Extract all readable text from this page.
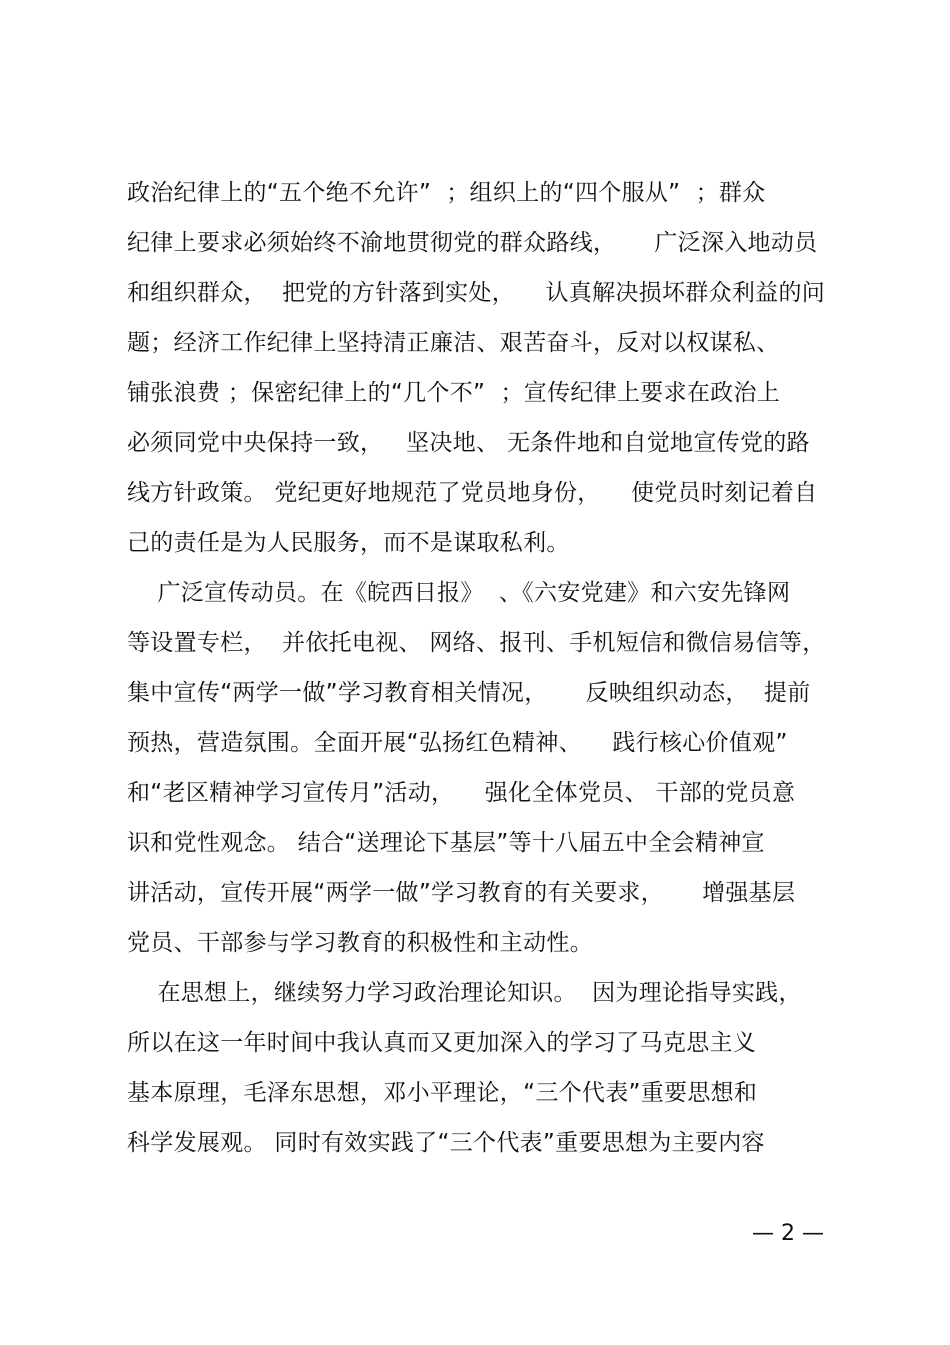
政治纪律上的“五个绝不允许”  ；组织上的“四个服从”  ；群众
纪律上要求必须始终不渝地贯彻党的群众路线，     广泛深入地动员
和组织群众，  把党的方针落到实处，    认真解决损坏群众利益的问
题；经济工作纪律上坚持清正廉洁、艰苦奋斗，反对以权谋私、
铺张浪费 ；保密纪律上的“几个不”  ；宣传纪律上要求在政治上
必须同党中央保持一致，   坚决地、 无条件地和自觉地宣传党的路
线方针政策。 党纪更好地规范了党员地身份，    使党员时刻记着自
己的责任是为人民服务，而不是谋取私利。
广泛宣传动员。在《皖西日报》  、《六安党建》和六安先锋网
等设置专栏，  并依托电视、 网络、报刊、手机短信和微信易信等，
集中宣传“两学一做”学习教育相关情况，     反映组织动态，  提前
预热，营造氛围。全面开展“弘扬红色精神、    践行核心价值观”
和“老区精神学习宣传月”活动，    强化全体党员、 干部的党员意
识和党性观念。 结合“送理论下基层”等十八届五中全会精神宣
讲活动，宣传开展“两学一做”学习教育的有关要求，     增强基层
党员、干部参与学习教育的积极性和主动性。
在思想上，继续努力学习政治理论知识。  因为理论指导实践，
所以在这一年时间中我认真而又更加深入的学习了马克思主义
基本原理，毛泽东思想，邓小平理论，“三个代表”重要思想和
科学发展观。 同时有效实践了“三个代表”重要思想为主要内容
— 2 —
